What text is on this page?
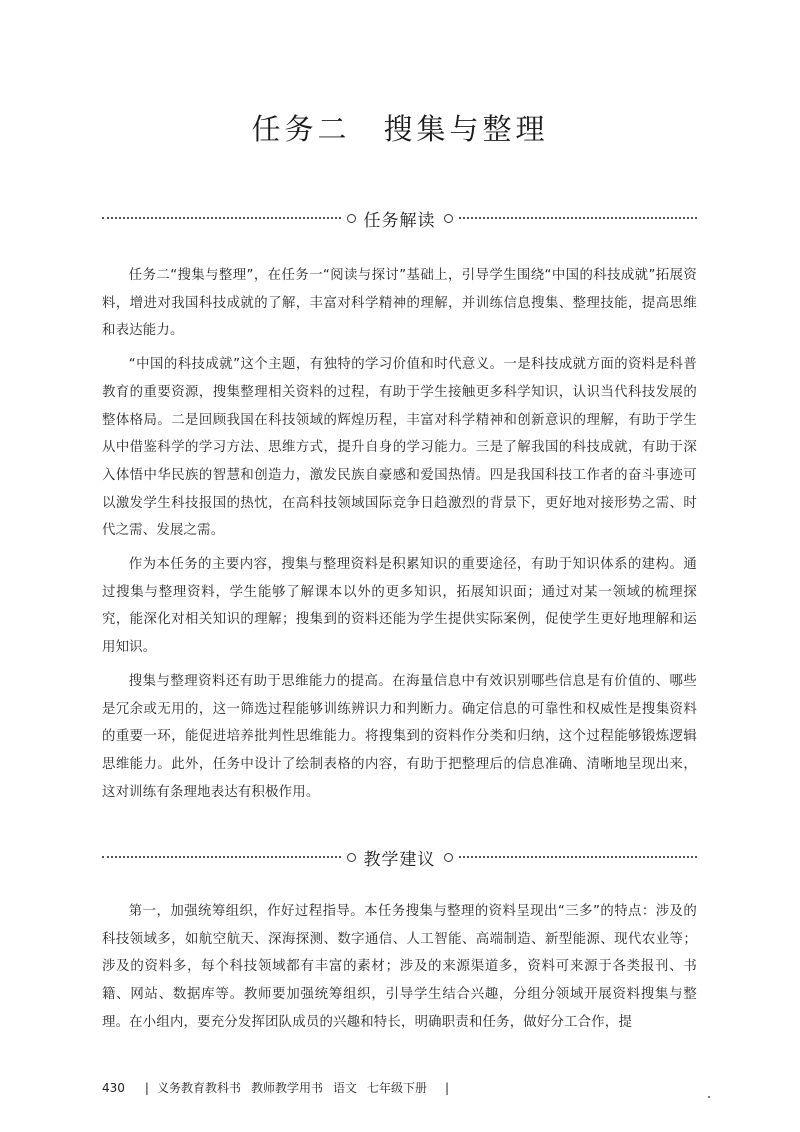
任务二　搜集与整理
任务解读

任务二“搜集与整理”，在任务一“阅读与探讨”基础上，引导学生围绕“中国的科技成就”拓展资料，增进对我国科技成就的了解，丰富对科学精神的理解，并训练信息搜集、整理技能，提高思维和表达能力。

“中国的科技成就”这个主题，有独特的学习价值和时代意义。一是科技成就方面的资料是科普教育的重要资源，搜集整理相关资料的过程，有助于学生接触更多科学知识，认识当代科技发展的整体格局。二是回顾我国在科技领域的辉煌历程，丰富对科学精神和创新意识的理解，有助于学生从中借鉴科学的学习方法、思维方式，提升自身的学习能力。三是了解我国的科技成就，有助于深入体悟中华民族的智慧和创造力，激发民族自豪感和爱国热情。四是我国科技工作者的奋斗事迹可以激发学生科技报国的热忱，在高科技领域国际竞争日趋激烈的背景下，更好地对接形势之需、时代之需、发展之需。

作为本任务的主要内容，搜集与整理资料是积累知识的重要途径，有助于知识体系的建构。通过搜集与整理资料，学生能够了解课本以外的更多知识，拓展知识面；通过对某一领域的梳理探究，能深化对相关知识的理解；搜集到的资料还能为学生提供实际案例，促使学生更好地理解和运用知识。

搜集与整理资料还有助于思维能力的提高。在海量信息中有效识别哪些信息是有价值的、哪些是冗余或无用的，这一筛选过程能够训练辨识力和判断力。确定信息的可靠性和权威性是搜集资料的重要一环，能促进培养批判性思维能力。将搜集到的资料作分类和归纳，这个过程能够锻炼逻辑思维能力。此外，任务中设计了绘制表格的内容，有助于把整理后的信息准确、清晰地呈现出来，这对训练有条理地表达有积极作用。

教学建议

第一，加强统筹组织，作好过程指导。本任务搜集与整理的资料呈现出“三多”的特点：涉及的科技领域多，如航空航天、深海探测、数字通信、人工智能、高端制造、新型能源、现代农业等；涉及的资料多，每个科技领域都有丰富的素材；涉及的来源渠道多，资料可来源于各类报刊、书籍、网站、数据库等。教师要加强统筹组织，引导学生结合兴趣，分组分领域开展资料搜集与整理。在小组内，要充分发挥团队成员的兴趣和特长，明确职责和任务，做好分工合作，提

430 | 义务教育教科书 教师教学用书 语文 七年级下册 |
